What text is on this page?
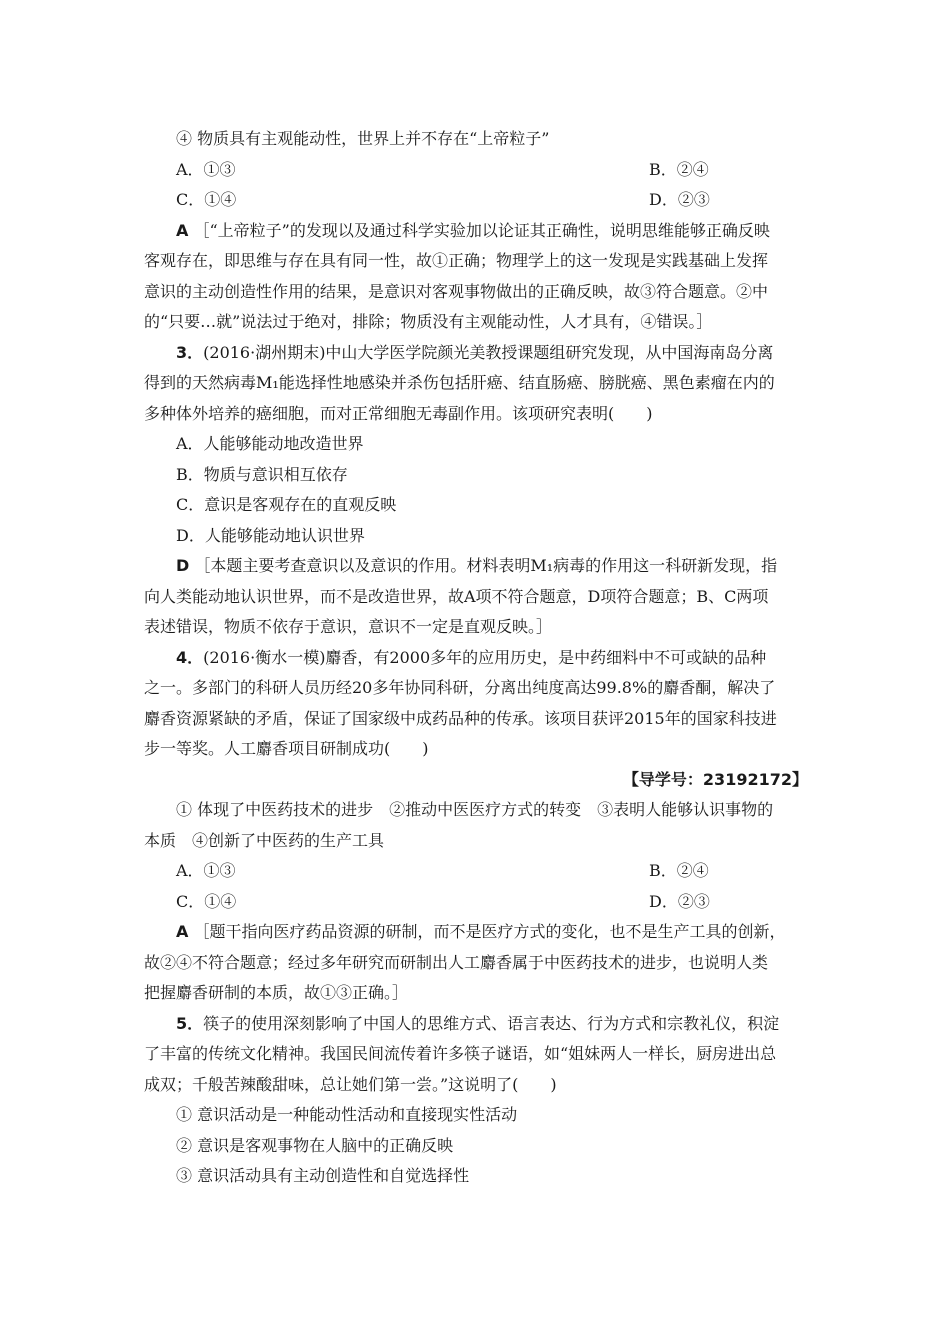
④ 物质具有主观能动性，世界上并不存在“上帝粒子”
A．①③	B．②④
C．①④	D．②③
A ［“上帝粒子”的发现以及通过科学实验加以论证其正确性，说明思维能够正确反映
客观存在，即思维与存在具有同一性，故①正确；物理学上的这一发现是实践基础上发挥
意识的主动创造性作用的结果，是意识对客观事物做出的正确反映，故③符合题意。②中
的“只要…就”说法过于绝对，排除；物质没有主观能动性，人才具有，④错误。］
3．(2016·湖州期末)中山大学医学院颜光美教授课题组研究发现，从中国海南岛分离
得到的天然病毒M₁能选择性地感染并杀伤包括肝癌、结直肠癌、膀胱癌、黑色素瘤在内的
多种体外培养的癌细胞，而对正常细胞无毒副作用。该项研究表明(　　)
A．人能够能动地改造世界
B．物质与意识相互依存
C．意识是客观存在的直观反映
D．人能够能动地认识世界
D ［本题主要考查意识以及意识的作用。材料表明M₁病毒的作用这一科研新发现，指
向人类能动地认识世界，而不是改造世界，故A项不符合题意，D项符合题意；B、C两项
表述错误，物质不依存于意识，意识不一定是直观反映。］
4．(2016·衡水一模)麝香，有2000多年的应用历史，是中药细料中不可或缺的品种
之一。多部门的科研人员历经20多年协同科研，分离出纯度高达99.8%的麝香酮，解决了
麝香资源紧缺的矛盾，保证了国家级中成药品种的传承。该项目获评2015年的国家科技进
步一等奖。人工麝香项目研制成功(　　)
【导学号：23192172】
① 体现了中医药技术的进步　②推动中医医疗方式的转变　③表明人能够认识事物的
本质　④创新了中医药的生产工具
A．①③	B．②④
C．①④	D．②③
A ［题干指向医疗药品资源的研制，而不是医疗方式的变化，也不是生产工具的创新，
故②④不符合题意；经过多年研究而研制出人工麝香属于中医药技术的进步，也说明人类
把握麝香研制的本质，故①③正确。］
5．筷子的使用深刻影响了中国人的思维方式、语言表达、行为方式和宗教礼仪，积淀
了丰富的传统文化精神。我国民间流传着许多筷子谜语，如“姐妹两人一样长，厨房进出总
成双；千般苦辣酸甜味，总让她们第一尝。”这说明了(　　)
① 意识活动是一种能动性活动和直接现实性活动
② 意识是客观事物在人脑中的正确反映
③ 意识活动具有主动创造性和自觉选择性
